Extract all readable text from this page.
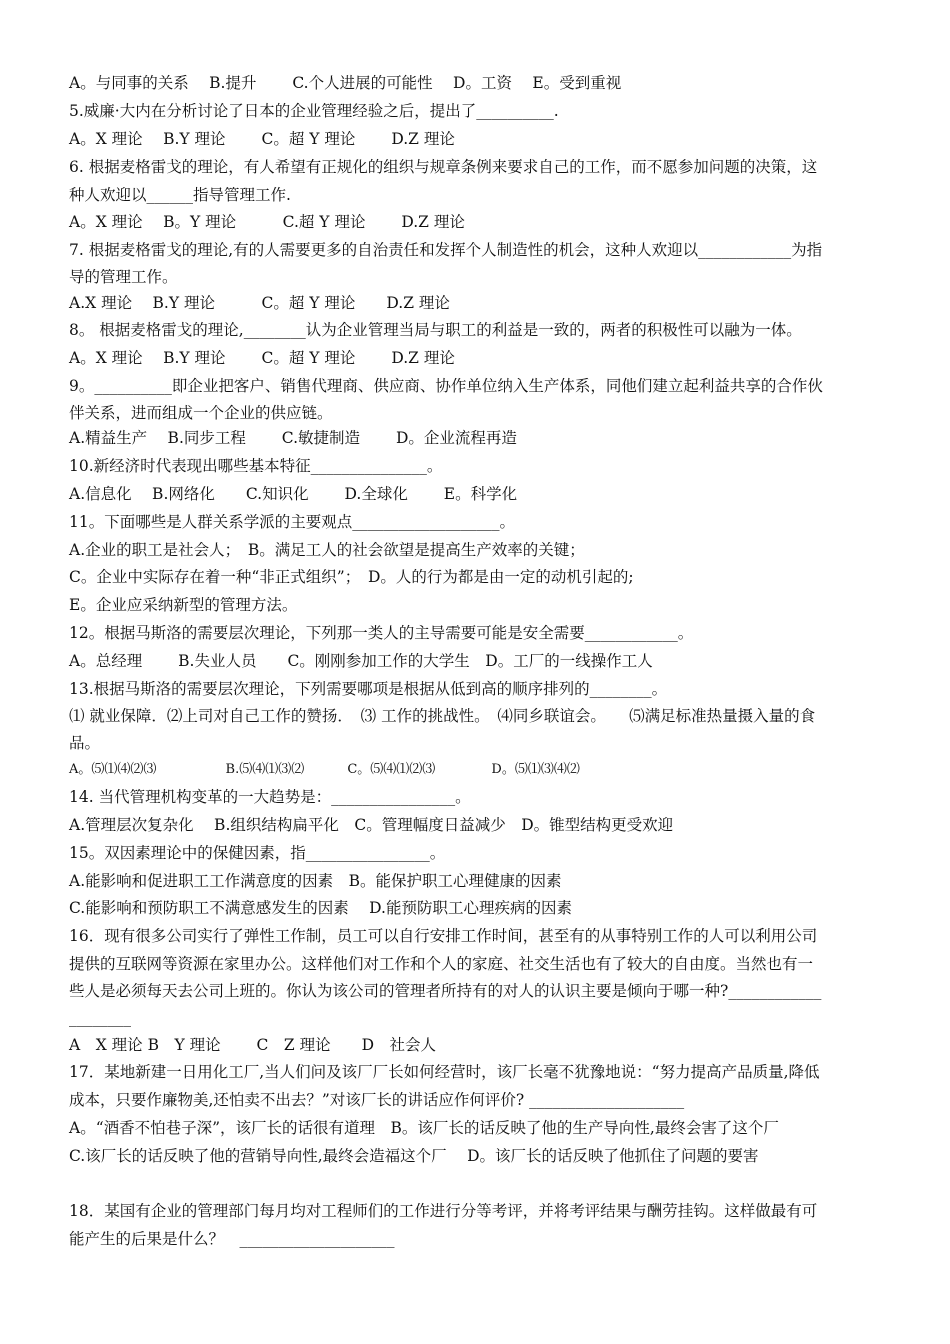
A。与同事的关系　 B.提升　　 C.个人进展的可能性　 D。工资　 E。受到重视
5.威廉·大内在分析讨论了日本的企业管理经验之后，提出了__________.
A。X 理论　 B.Y 理论　　 C。超 Y 理论　　 D.Z 理论
6. 根据麦格雷戈的理论，有人希望有正规化的组织与规章条例来要求自己的工作，而不愿参加问题的决策，这
种人欢迎以______指导管理工作.
A。X 理论　 B。Y 理论　　　C.超 Y 理论　　 D.Z 理论
7. 根据麦格雷戈的理论,有的人需要更多的自治责任和发挥个人制造性的机会，这种人欢迎以____________为指
导的管理工作。
A.X 理论　 B.Y 理论　　　C。超 Y 理论　　D.Z 理论
8。 根据麦格雷戈的理论,________认为企业管理当局与职工的利益是一致的，两者的积极性可以融为一体。
A。X 理论　 B.Y 理论　　 C。超 Y 理论　　 D.Z 理论
9。__________即企业把客户、销售代理商、供应商、协作单位纳入生产体系，同他们建立起利益共享的合作伙
伴关系，进而组成一个企业的供应链。
A.精益生产　 B.同步工程　　 C.敏捷制造　　 D。企业流程再造
10.新经济时代表现出哪些基本特征_______________。
A.信息化　 B.网络化　　C.知识化　　 D.全球化　　 E。科学化
11。下面哪些是人群关系学派的主要观点___________________。
A.企业的职工是社会人；　B。满足工人的社会欲望是提高生产效率的关键；
C。企业中实际存在着一种“非正式组织”；　D。人的行为都是由一定的动机引起的;
E。企业应采纳新型的管理方法。
12。根据马斯洛的需要层次理论，下列那一类人的主导需要可能是安全需要____________。
A。总经理　　 B.失业人员　　C。刚刚参加工作的大学生　D。工厂的一线操作工人
13.根据马斯洛的需要层次理论，下列需要哪项是根据从低到高的顺序排列的________。
⑴ 就业保障．⑵上司对自己工作的赞扬．　⑶ 工作的挑战性。　⑷同乡联谊会。　　⑸满足标准热量摄入量的食
品。
A。⑸⑴⑷⑵⑶　　　　　 B.⑸⑷⑴⑶⑵　　　 C。⑸⑷⑴⑵⑶　　　　 D。⑸⑴⑶⑷⑵
14. 当代管理机构变革的一大趋势是：________________。
A.管理层次复杂化　 B.组织结构扁平化　C。管理幅度日益减少　D。锥型结构更受欢迎
15。双因素理论中的保健因素，指________________。
A.能影响和促进职工工作满意度的因素　B。能保护职工心理健康的因素
C.能影响和预防职工不满意感发生的因素　 D.能预防职工心理疾病的因素
16．现有很多公司实行了弹性工作制，员工可以自行安排工作时间，甚至有的从事特别工作的人可以利用公司
提供的互联网等资源在家里办公。这样他们对工作和个人的家庭、社交生活也有了较大的自由度。当然也有一
些人是必须每天去公司上班的。你认为该公司的管理者所持有的对人的认识主要是倾向于哪一种?____________
________
A　X 理论 B　Y 理论　　 C　Z 理论　　D　社会人
17．某地新建一日用化工厂,当人们问及该厂厂长如何经营时，该厂长毫不犹豫地说：“努力提高产品质量,降低
成本，只要作廉物美,还怕卖不出去？”对该厂长的讲话应作何评价? ____________________
A。“酒香不怕巷子深”，该厂长的话很有道理　B。该厂长的话反映了他的生产导向性,最终会害了这个厂
C.该厂长的话反映了他的营销导向性,最终会造福这个厂　 D。该厂长的话反映了他抓住了问题的要害
18．某国有企业的管理部门每月均对工程师们的工作进行分等考评，并将考评结果与酬劳挂钩。这样做最有可
能产生的后果是什么？　____________________
